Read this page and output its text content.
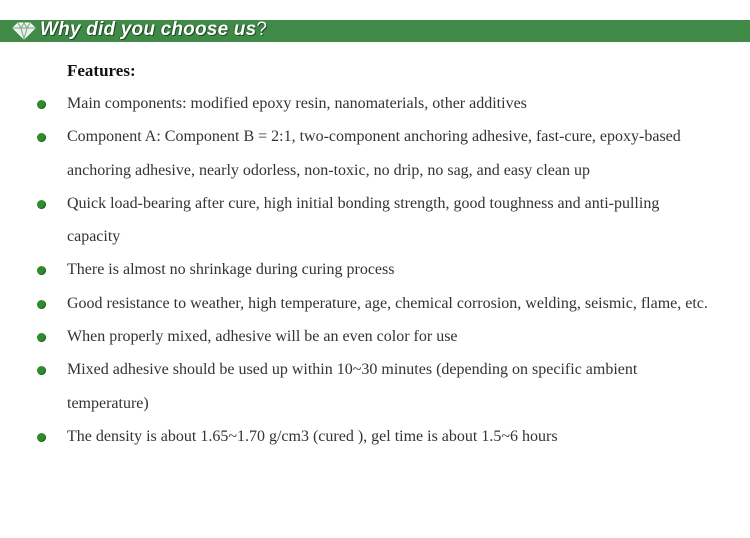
Why did you choose us?
Features:
Main components: modified epoxy resin, nanomaterials, other additives
Component A: Component B = 2:1, two-component anchoring adhesive, fast-cure, epoxy-based anchoring adhesive, nearly odorless, non-toxic, no drip, no sag, and easy clean up
Quick load-bearing after cure, high initial bonding strength, good toughness and anti-pulling capacity
There is almost no shrinkage during curing process
Good resistance to weather, high temperature, age, chemical corrosion, welding, seismic, flame, etc.
When properly mixed, adhesive will be an even color for use
Mixed adhesive should be used up within 10~30 minutes (depending on specific ambient temperature)
The density is about 1.65~1.70 g/cm3 (cured ), gel time is about 1.5~6 hours
